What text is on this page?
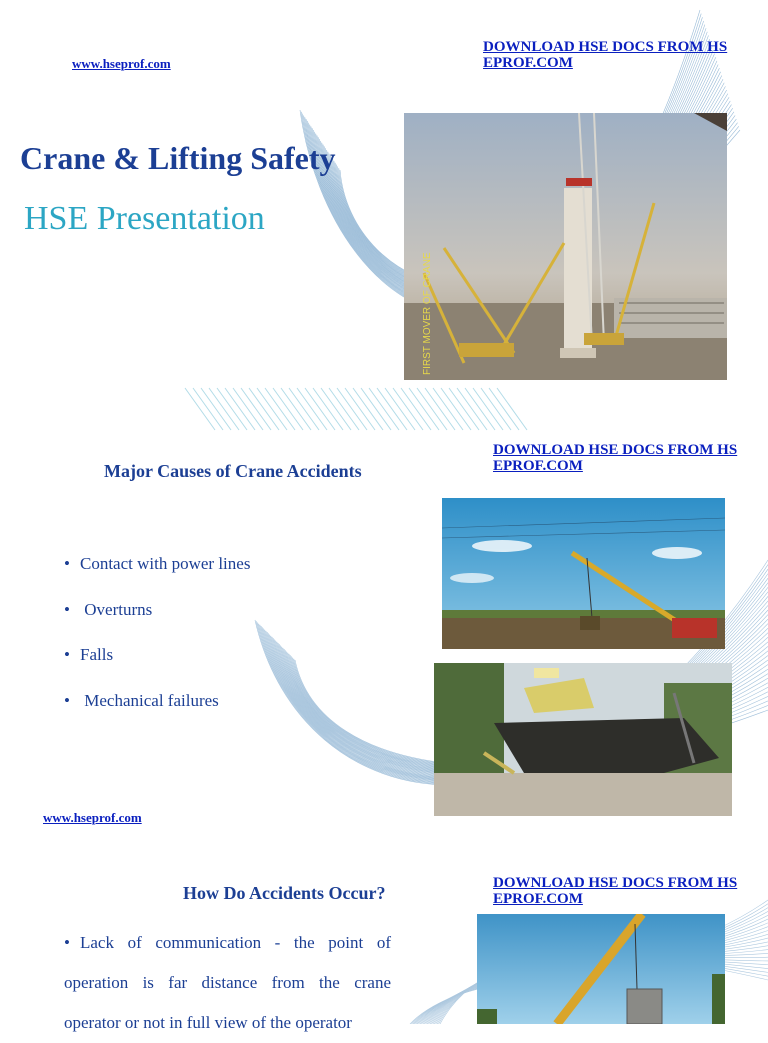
www.hseprof.com
DOWNLOAD HSE DOCS FROM HSEPROF.COM
Crane & Lifting Safety
HSE Presentation
FIRST MOVER OF CRANE
DOWNLOAD HSE DOCS FROM HSEPROF.COM
Major Causes of Crane Accidents
• Contact with power lines
• Overturns
• Falls
• Mechanical failures
www.hseprof.com
DOWNLOAD HSE DOCS FROM HSEPROF.COM
How Do Accidents Occur?
• Lack of communication - the point of operation is far distance from the crane operator or not in full view of the operator
